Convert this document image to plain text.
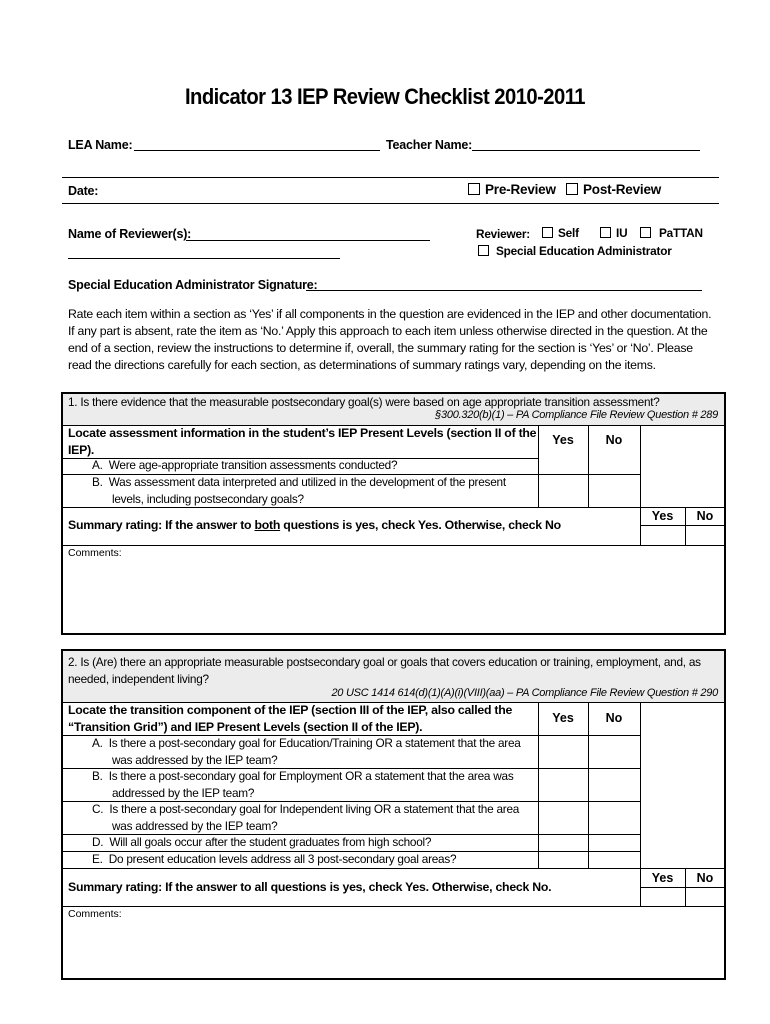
Indicator 13 IEP Review Checklist 2010-2011
LEA Name:	Teacher Name:
Date:	Pre-Review	Post-Review
Name of Reviewer(s):	Reviewer:	Self	IU	PaTTAN
Special Education Administrator
Special Education Administrator Signature:

Rate each item within a section as ‘Yes’ if all components in the question are evidenced in the IEP and other documentation.

If any part is absent, rate the item as ‘No.’ Apply this approach to each item unless otherwise directed in the question. At the

end of a section, review the instructions to determine if, overall, the summary rating for the section is ‘Yes’ or ‘No’. Please

read the directions carefully for each section, as determinations of summary ratings vary, depending on the items.

1. Is there evidence that the measurable postsecondary goal(s) were based on age appropriate transition assessment?
§300.320(b)(1) – PA Compliance File Review Question # 289
Locate assessment information in the student’s IEP Present Levels (section II of the
IEP).
Yes	No
A. Were age-appropriate transition assessments conducted?
B. Was assessment data interpreted and utilized in the development of the present
levels, including postsecondary goals?
Summary rating: If the answer to both questions is yes, check Yes. Otherwise, check No
Yes	No
Comments:
2. Is (Are) there an appropriate measurable postsecondary goal or goals that covers education or training, employment, and, as
needed, independent living?
20 USC 1414 614(d)(1)(A)(i)(VIII)(aa) – PA Compliance File Review Question # 290
Locate the transition component of the IEP (section III of the IEP, also called the
“Transition Grid”) and IEP Present Levels (section II of the IEP).
Yes	No
A. Is there a post-secondary goal for Education/Training OR a statement that the area
was addressed by the IEP team?
B. Is there a post-secondary goal for Employment OR a statement that the area was
addressed by the IEP team?
C. Is there a post-secondary goal for Independent living OR a statement that the area
was addressed by the IEP team?
D. Will all goals occur after the student graduates from high school?
E. Do present education levels address all 3 post-secondary goal areas?
Summary rating: If the answer to all questions is yes, check Yes. Otherwise, check No.
Yes	No
Comments:
